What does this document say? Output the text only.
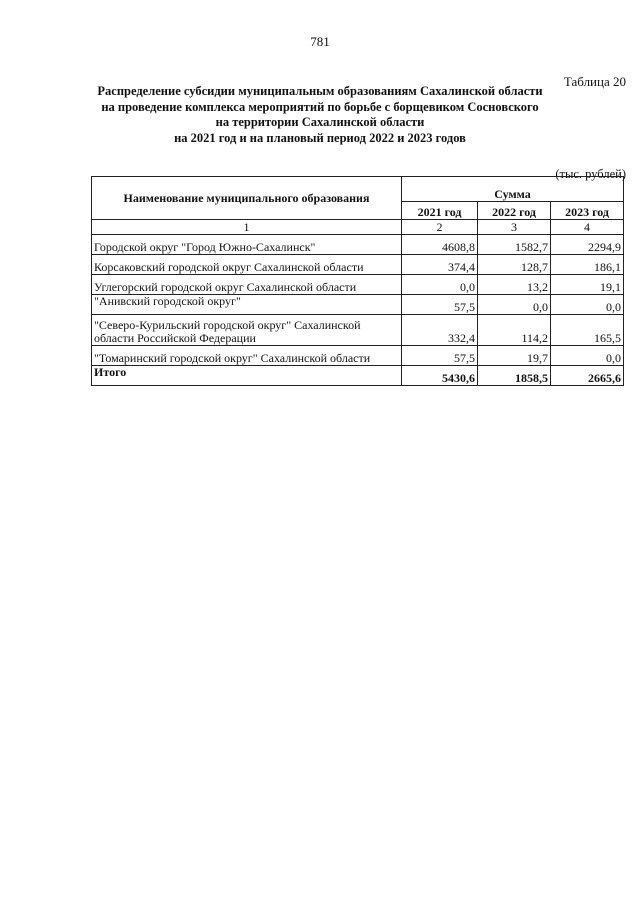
781
Таблица 20
Распределение субсидии муниципальным образованиям Сахалинской области
на проведение комплекса мероприятий по борьбе с борщевиком Сосновского
на территории Сахалинской области
на 2021 год и на плановый период 2022 и 2023 годов
(тыс. рублей)
Наименование муниципального образования	Сумма		
	2021 год	2022 год	2023 год
1	2	3	4
Городской округ "Город Южно-Сахалинск"	4608,8	1582,7	2294,9
Корсаковский городской округ Сахалинской области	374,4	128,7	186,1
Углегорский городской округ Сахалинской области	0,0	13,2	19,1
"Анивский городской округ"	57,5	0,0	0,0
"Северо-Курильский городской округ" Сахалинской области Российской Федерации	332,4	114,2	165,5
"Томаринский городской округ" Сахалинской области	57,5	19,7	0,0
Итого	5430,6	1858,5	2665,6
